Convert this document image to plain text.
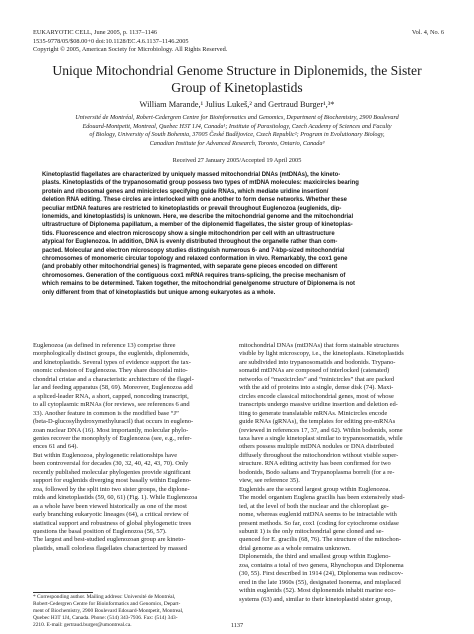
EUKARYOTIC CELL, June 2005, p. 1137–1146
1535-9778/05/$08.00+0 doi:10.1128/EC.4.6.1137–1146.2005
Copyright © 2005, American Society for Microbiology. All Rights Reserved.
Vol. 4, No. 6
Unique Mitochondrial Genome Structure in Diplonemids, the Sister
Group of Kinetoplastids
William Marande,¹ Julius Lukeš,² and Gertraud Burger¹,³*
Université de Montréal, Robert-Cedergren Centre for Bioinformatics and Genomics, Department of Biochemistry, 2900 Boulevard
Edouard-Montpetit, Montreal, Quebec H3T 1J4, Canada¹; Institute of Parasitology, Czech Academy of Sciences and Faculty
of Biology, University of South Bohemia, 37005 České Budějovice, Czech Republic²; Program in Evolutionary Biology,
Canadian Institute for Advanced Research, Toronto, Ontario, Canada³
Received 27 January 2005/Accepted 19 April 2005
Kinetoplastid flagellates are characterized by uniquely massed mitochondrial DNAs (mtDNAs), the kineto-
plasts. Kinetoplastids of the trypanosomatid group possess two types of mtDNA molecules: maxicircles bearing
protein and ribosomal genes and minicircles specifying guide RNAs, which mediate uridine insertion/
deletion RNA editing. These circles are interlocked with one another to form dense networks. Whether these
peculiar mtDNA features are restricted to kinetoplastids or prevail throughout Euglenozoa (euglenids, dip-
lonemids, and kinetoplastids) is unknown. Here, we describe the mitochondrial genome and the mitochondrial
ultrastructure of Diplonema papillatum, a member of the diplonemid flagellates, the sister group of kinetoplas-
tids. Fluorescence and electron microscopy show a single mitochondrion per cell with an ultrastructure
atypical for Euglenozoa. In addition, DNA is evenly distributed throughout the organelle rather than com-
pacted. Molecular and electron microscopy studies distinguish numerous 6- and 7-kbp-sized mitochondrial
chromosomes of monomeric circular topology and relaxed conformation in vivo. Remarkably, the cox1 gene
(and probably other mitochondrial genes) is fragmented, with separate gene pieces encoded on different
chromosomes. Generation of the contiguous cox1 mRNA requires trans-splicing, the precise mechanism of
which remains to be determined. Taken together, the mitochondrial gene/genome structure of Diplonema is not
only different from that of kinetoplastids but unique among eukaryotes as a whole.
Euglenozoa (as defined in reference 13) comprise three
morphologically distinct groups, the euglenids, diplonemids,
and kinetoplastids. Several types of evidence support the tax-
onomic cohesion of Euglenozoa. They share discoidal mito-
chondrial cristae and a characteristic architecture of the flagel-
lar and feeding apparatus (58, 69). Moreover, Euglenozoa add
a spliced-leader RNA, a short, capped, noncoding transcript,
to all cytoplasmic mRNAs (for reviews, see references 6 and
33). Another feature in common is the modified base “J”
(beta-D-glucosylhydroxymethyluracil) that occurs in eugleno-
zoan nuclear DNA (16). Most importantly, molecular phylo-
genies recover the monophyly of Euglenozoa (see, e.g., refer-
ences 61 and 64).
But within Euglenozoa, phylogenetic relationships have
been controversial for decades (30, 32, 40, 42, 43, 70). Only
recently published molecular phylogenies provide significant
support for euglenids diverging most basally within Eugleno-
zoa, followed by the split into two sister groups, the diplone-
mids and kinetoplastids (59, 60, 61) (Fig. 1). While Euglenozoa
as a whole have been viewed historically as one of the most
early branching eukaryotic lineages (64), a critical review of
statistical support and robustness of global phylogenetic trees
questions the basal position of Euglenozoa (56, 57).
The largest and best-studied euglenozoan group are kineto-
plastids, small colorless flagellates characterized by massed
mitochondrial DNAs (mtDNAs) that form stainable structures
visible by light microscopy, i.e., the kinetoplasts. Kinetoplastids
are subdivided into trypanosomatids and bodonids. Trypano-
somatid mtDNAs are composed of interlocked (catenated)
networks of “maxicircles” and “minicircles” that are packed
with the aid of proteins into a single, dense disk (74). Maxi-
circles encode classical mitochondrial genes, most of whose
transcripts undergo massive uridine insertion and deletion ed-
iting to generate translatable mRNAs. Minicircles encode
guide RNAs (gRNAs), the templates for editing pre-mRNAs
(reviewed in references 17, 37, and 62). Within bodonids, some
taxa have a single kinetoplast similar to trypanosomatids, while
others possess multiple mtDNA nodules or DNA distributed
diffusely throughout the mitochondrion without visible super-
structure. RNA editing activity has been confirmed for two
bodonids, Bodo saltans and Trypanoplasma borreli (for a re-
view, see reference 35).
Euglenids are the second largest group within Euglenozoa.
The model organism Euglena gracilis has been extensively stud-
ied, at the level of both the nuclear and the chloroplast ge-
nome, whereas euglenid mtDNA seems to be intractable with
present methods. So far, cox1 (coding for cytochrome oxidase
subunit 1) is the only mitochondrial gene cloned and se-
quenced for E. gracilis (68, 76). The structure of the mitochon-
drial genome as a whole remains unknown.
Diplonemids, the third and smallest group within Eugleno-
zoa, contains a total of two genera, Rhynchopus and Diplonema
(30, 55). First described in 1914 (24), Diplonema was rediscov-
ered in the late 1960s (55), designated Isonema, and misplaced
within euglenids (52). Most diplonemids inhabit marine eco-
systems (63) and, similar to their kinetoplastid sister group,
* Corresponding author. Mailing address: Université de Montréal,
Robert-Cedergren Centre for Bioinformatics and Genomics, Depart-
ment of Biochemistry, 2900 Boulevard Edouard-Montpetit, Montreal,
Quebec H3T 1J4, Canada. Phone: (514) 343-7936. Fax: (514) 343-
2210. E-mail: gertraud.burger@umontreal.ca.	1137
